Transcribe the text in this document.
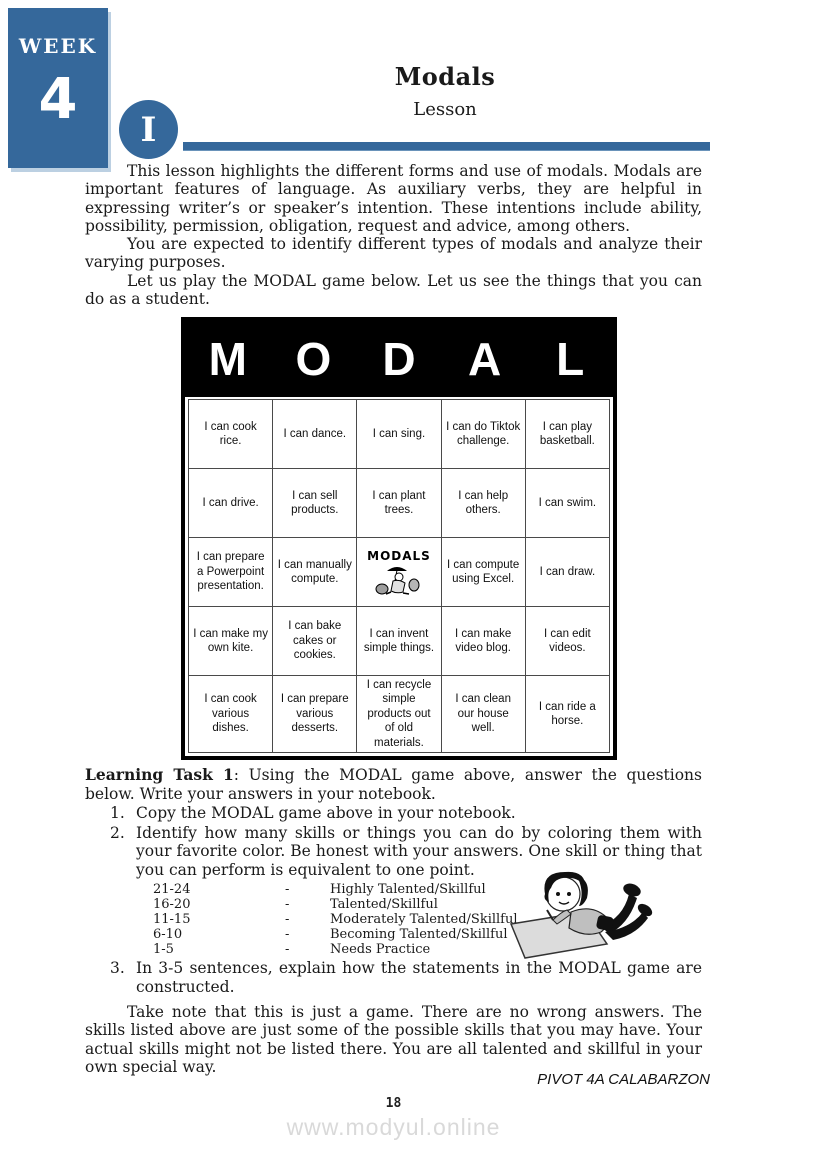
WEEK
4	Modals
Lesson
I

This lesson highlights the different forms and use of modals. Modals are important features of language. As auxiliary verbs, they are helpful in expressing writer’s or speaker’s intention. These intentions include ability, possibility, permission, obligation, request and advice, among others.

You are expected to identify different types of modals and analyze their varying purposes.

Let us play the MODAL game below. Let us see the things that you can do as a student.

M	O	D	A	L
I can cook rice.	I can dance.	I can sing.	I can do Tiktok challenge.	I can play basketball.
I can drive.	I can sell products.	I can plant trees.	I can help others.	I can swim.
I can prepare a Powerpoint presentation.	I can manually compute.	MODALS	I can compute using Excel.	I can draw.
I can make my own kite.	I can bake cakes or cookies.	I can invent simple things.	I can make video blog.	I can edit videos.
I can cook various dishes.	I can prepare various desserts.	I can recycle simple products out of old materials.	I can clean our house well.	I can ride a horse.

Learning Task 1: Using the MODAL game above, answer the questions below. Write your answers in your notebook.

1. Copy the MODAL game above in your notebook.
2. Identify how many skills or things you can do by coloring them with your favorite color. Be honest with your answers. One skill or thing that you can perform is equivalent to one point.
21-24	-	Highly Talented/Skillful
16-20	-	Talented/Skillful
11-15	-	Moderately Talented/Skillful
6-10	-	Becoming Talented/Skillful
1-5	-	Needs Practice
3. In 3-5 sentences, explain how the statements in the MODAL game are constructed.

Take note that this is just a game. There are no wrong answers. The skills listed above are just some of the possible skills that you may have. Your actual skills might not be listed there. You are all talented and skillful in your own special way.

PIVOT 4A CALABARZON
18
www.modyul.online
